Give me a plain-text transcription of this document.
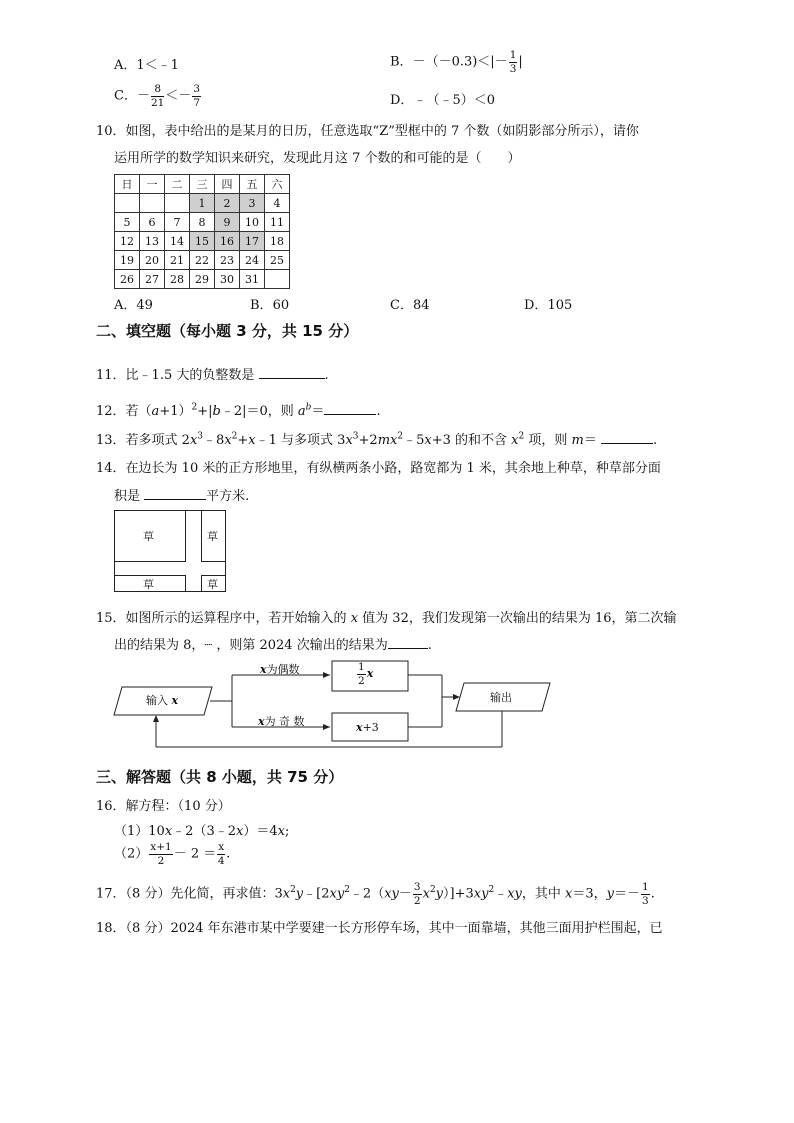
A．1＜﹣1	B．$-(-0.3)<|- \frac{1}{3}$ |
C．－ $\frac{8}{21} <- \frac{3}{7}$	D．﹣（﹣5）＜0
10．如图，表中给出的是某月的日历，任意选取“Z”型框中的 7 个数（如阴影部分所示），请你
运用所学的数学知识来研究，发现此月这 7 个数的和可能的是（　　）
日	一	二	三	四	五	六
			1	2	3	4
5	6	7	8	9	10	11
12	13	14	15	16	17	18
19	20	21	22	23	24	25
26	27	28	29	30	31	
A．49	B．60	C．84	D．105
二、填空题（每小题 3 分，共 15 分）
11．比﹣1.5 大的负整数是	.
12．若$(a+1)^2+|b﹣2|=0$，则 $a^b=$	.
13．若多项式 $2x^3﹣8x^2+x﹣1$ 与多项式 $3x^3+2mx^2﹣5x+3$ 的和不含 $x^2$ 项，则 m＝	.
14．在边长为 10 米的正方形地里，有纵横两条小路，路宽都为 1 米，其余地上种草，种草部分面
积是	平方米.
草	草
草	草
15．如图所示的运算程序中，若开始输入的 x 值为 32，我们发现第一次输出的结果为 16，第二次输
出的结果为 8，┈ ，则第 2024 次输出的结果为	.
输入 x
x为偶数
x为 奇 数
$\frac{1}{2}$ x
x+3
输出
三、解答题（共 8 小题，共 75 分）
16．解方程：（10 分）
（1）10x﹣2（3﹣2x）＝4x;
$(2) \frac{x+1}{2} - 2 = \frac{x}{4}$ .
17．（8 分）先化简，再求值：$3x^2y﹣[2xy^2﹣2(xy- \frac{3}{2}$ $x^2y)]+3xy^2﹣xy$，其中 x＝3，$y=- \frac{1}{3}$ .
18．（8 分）2024 年东港市某中学要建一长方形停车场，其中一面靠墙，其他三面用护栏围起，已
